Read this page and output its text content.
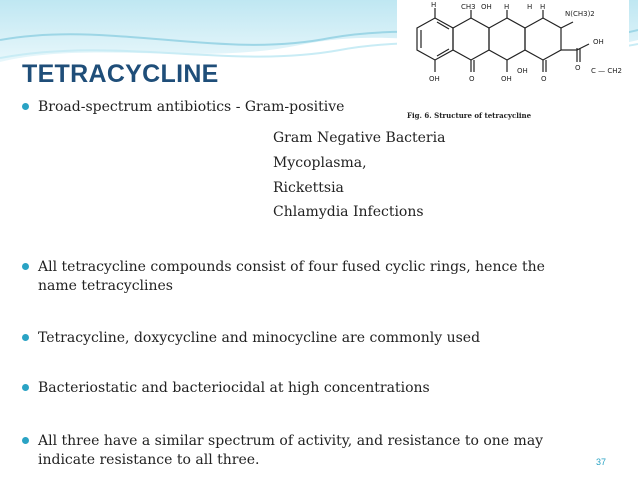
TETRACYCLINE
H	CH3 OH H	H H
N(CH3)2
OH
C — CH2
O
OH	O	OH
OH
O
Fig. 6. Structure of tetracycline
Broad-spectrum antibiotics - Gram-positive
Gram Negative Bacteria
Mycoplasma,
Rickettsia
Chlamydia Infections
All tetracycline compounds consist of four fused cyclic rings, hence the
name tetracyclines
Tetracycline, doxycycline and minocycline are commonly used
Bacteriostatic and bacteriocidal at high concentrations
All three have a similar spectrum of activity, and resistance to one may
indicate resistance to all three.	37
